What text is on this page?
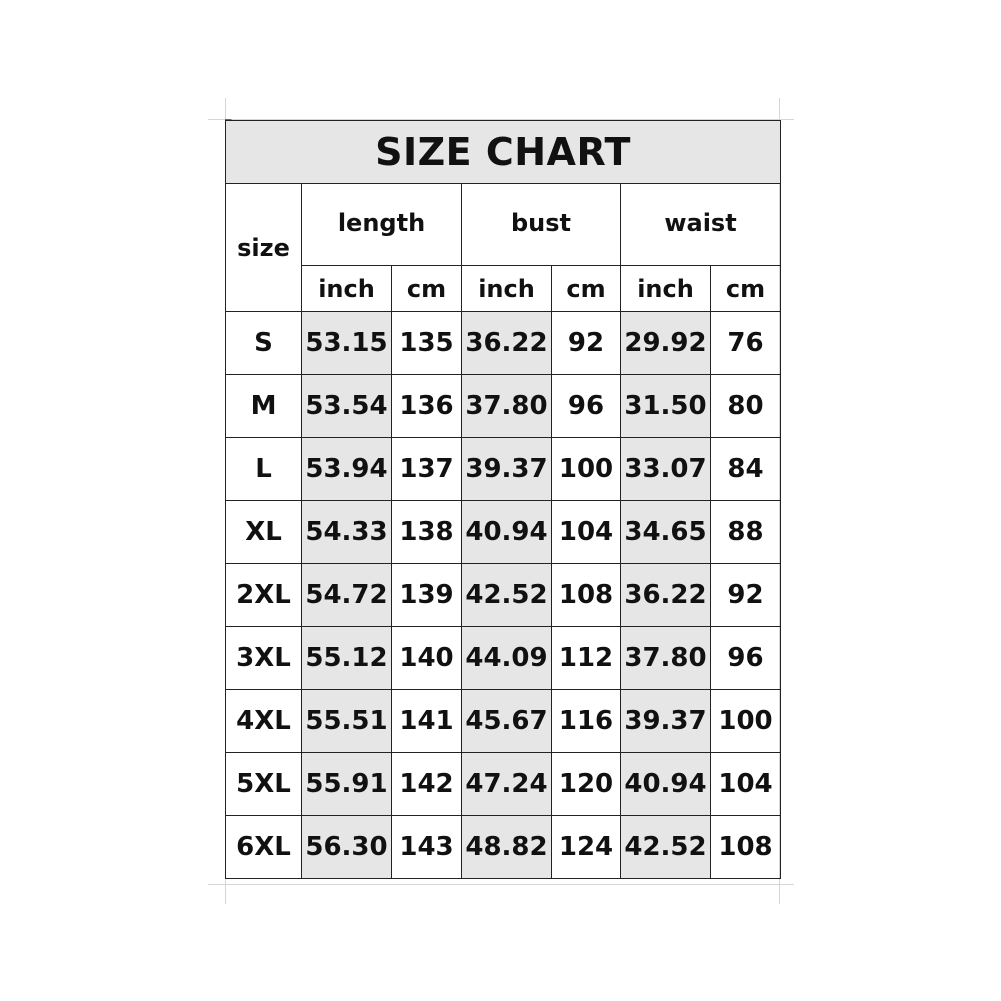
SIZE CHART						
size	length		bust		waist	
	inch	cm	inch	cm	inch	cm
S	53.15	135	36.22	92	29.92	76
M	53.54	136	37.80	96	31.50	80
L	53.94	137	39.37	100	33.07	84
XL	54.33	138	40.94	104	34.65	88
2XL	54.72	139	42.52	108	36.22	92
3XL	55.12	140	44.09	112	37.80	96
4XL	55.51	141	45.67	116	39.37	100
5XL	55.91	142	47.24	120	40.94	104
6XL	56.30	143	48.82	124	42.52	108
